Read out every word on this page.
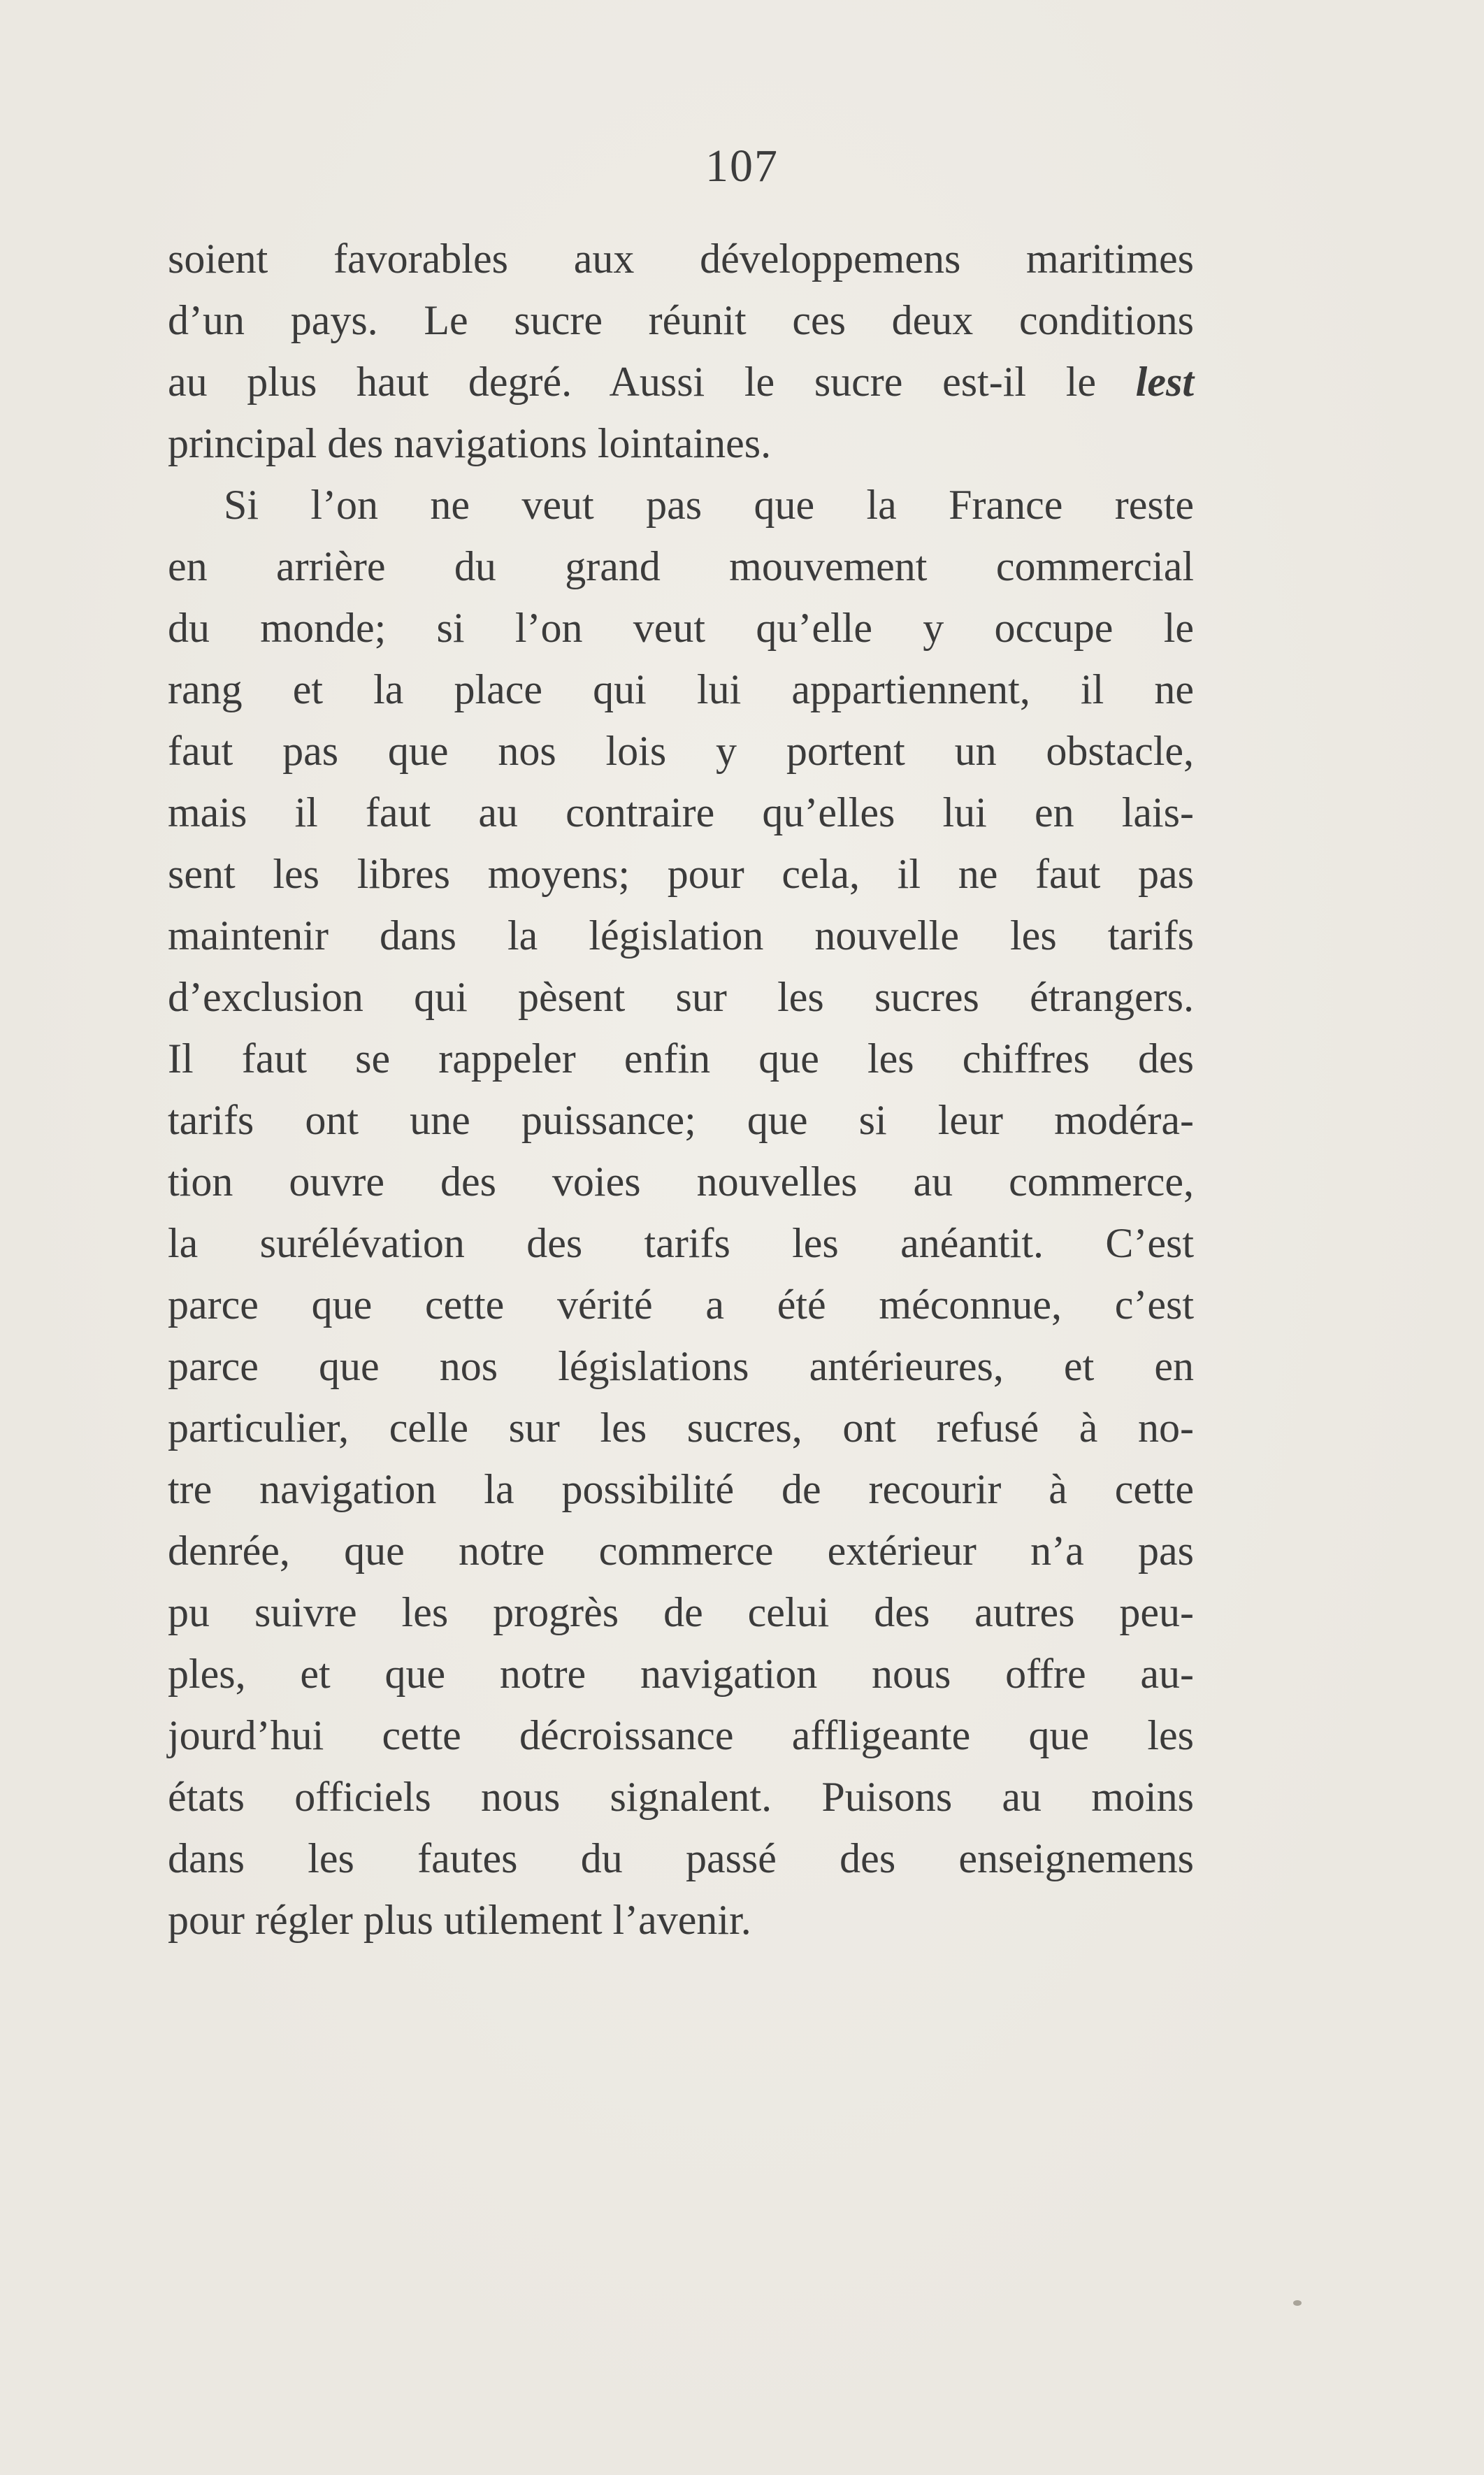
107
soient favorables aux développemens maritimes
d’un pays. Le sucre réunit ces deux conditions
au plus haut degré. Aussi le sucre est-il le lest
principal des navigations lointaines.
Si l’on ne veut pas que la France reste
en arrière du grand mouvement commercial
du monde; si l’on veut qu’elle y occupe le
rang et la place qui lui appartiennent, il ne
faut pas que nos lois y portent un obstacle,
mais il faut au contraire qu’elles lui en lais-
sent les libres moyens; pour cela, il ne faut pas
maintenir dans la législation nouvelle les tarifs
d’exclusion qui pèsent sur les sucres étrangers.
Il faut se rappeler enfin que les chiffres des
tarifs ont une puissance; que si leur modéra-
tion ouvre des voies nouvelles au commerce,
la surélévation des tarifs les anéantit. C’est
parce que cette vérité a été méconnue, c’est
parce que nos législations antérieures, et en
particulier, celle sur les sucres, ont refusé à no-
tre navigation la possibilité de recourir à cette
denrée, que notre commerce extérieur n’a pas
pu suivre les progrès de celui des autres peu-
ples, et que notre navigation nous offre au-
jourd’hui cette décroissance affligeante que les
états officiels nous signalent. Puisons au moins
dans les fautes du passé des enseignemens
pour régler plus utilement l’avenir.
